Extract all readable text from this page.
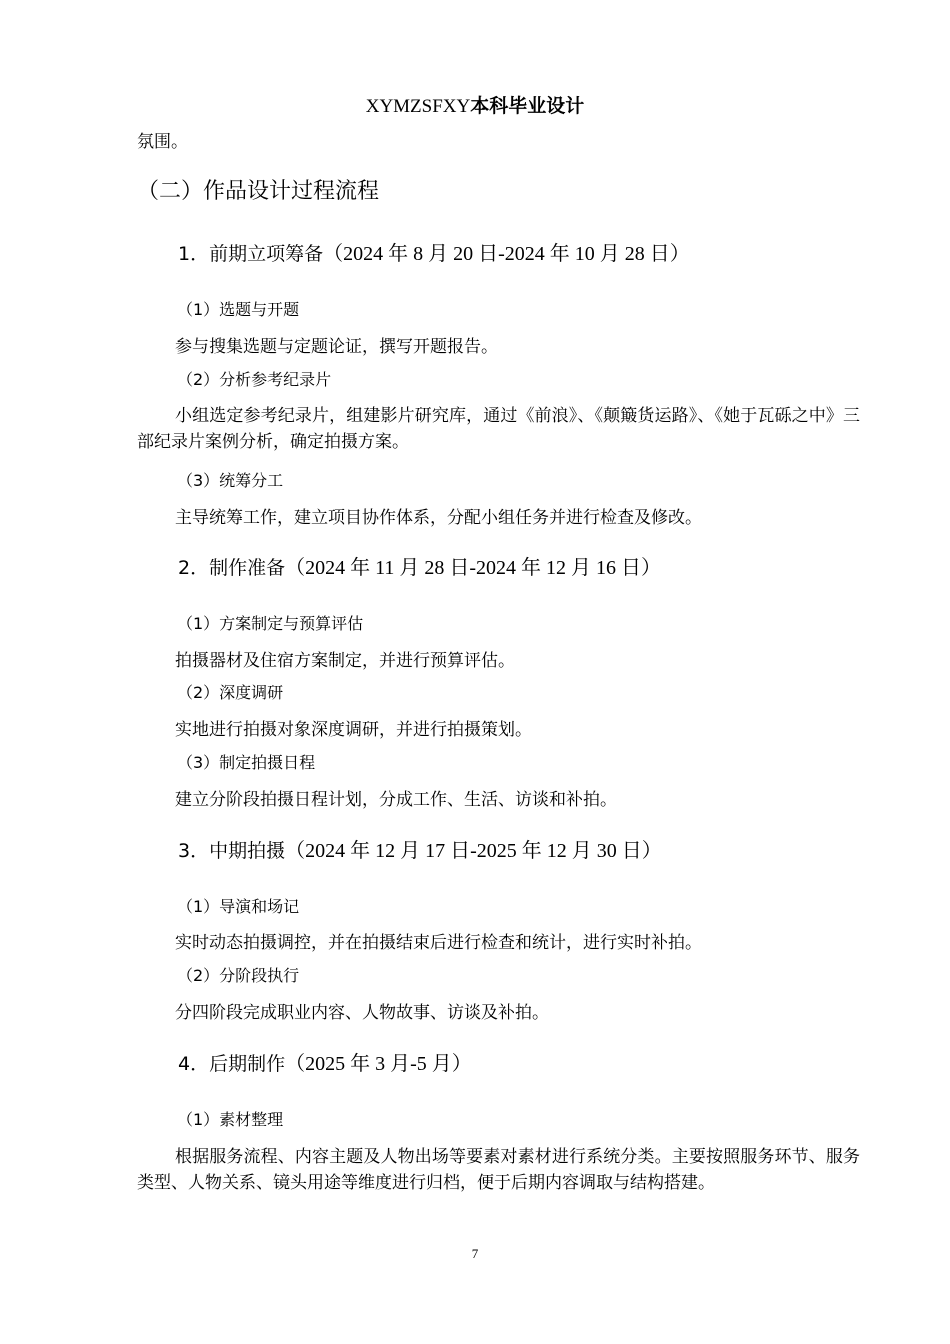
XYMZSFXY本科毕业设计
氛围。
（二）作品设计过程流程
1．前期立项筹备（2024 年 8 月 20 日-2024 年 10 月 28 日）
（1）选题与开题
参与搜集选题与定题论证，撰写开题报告。
（2）分析参考纪录片
小组选定参考纪录片，组建影片研究库，通过《前浪》、《颠簸货运路》、《她于瓦砾之中》三部纪录片案例分析，确定拍摄方案。
（3）统筹分工
主导统筹工作，建立项目协作体系，分配小组任务并进行检查及修改。
2．制作准备（2024 年 11 月 28 日-2024 年 12 月 16 日）
（1）方案制定与预算评估
拍摄器材及住宿方案制定，并进行预算评估。
（2）深度调研
实地进行拍摄对象深度调研，并进行拍摄策划。
（3）制定拍摄日程
建立分阶段拍摄日程计划，分成工作、生活、访谈和补拍。
3．中期拍摄（2024 年 12 月 17 日-2025 年 12 月 30 日）
（1）导演和场记
实时动态拍摄调控，并在拍摄结束后进行检查和统计，进行实时补拍。
（2）分阶段执行
分四阶段完成职业内容、人物故事、访谈及补拍。
4．后期制作（2025 年 3 月-5 月）
（1）素材整理
根据服务流程、内容主题及人物出场等要素对素材进行系统分类。主要按照服务环节、服务类型、人物关系、镜头用途等维度进行归档，便于后期内容调取与结构搭建。
7
